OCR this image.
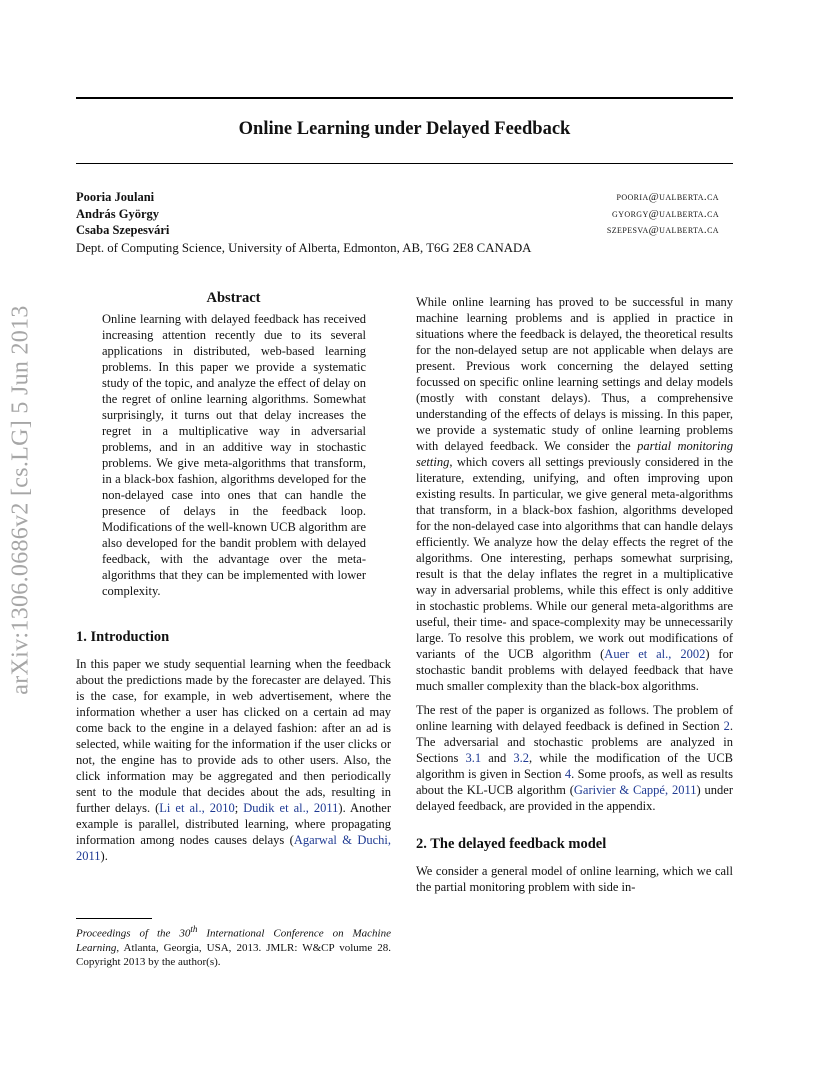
Online Learning under Delayed Feedback
Pooria Joulani	pooria@ualberta.ca
András György	gyorgy@ualberta.ca
Csaba Szepesvári	szepesva@ualberta.ca
Dept. of Computing Science, University of Alberta, Edmonton, AB, T6G 2E8 CANADA
arXiv:1306.0686v2 [cs.LG] 5 Jun 2013
Abstract

Online learning with delayed feedback has received increasing attention recently due to its several applications in distributed, web-based learning problems. In this paper we provide a systematic study of the topic, and analyze the effect of delay on the regret of online learning algorithms. Somewhat surprisingly, it turns out that delay increases the regret in a multiplicative way in adversarial problems, and in an additive way in stochastic problems. We give meta-algorithms that transform, in a black-box fashion, algorithms developed for the non-delayed case into ones that can handle the presence of delays in the feedback loop. Modifications of the well-known UCB algorithm are also developed for the bandit problem with delayed feedback, with the advantage over the meta-algorithms that they can be implemented with lower complexity.

1. Introduction

In this paper we study sequential learning when the feedback about the predictions made by the forecaster are delayed. This is the case, for example, in web advertisement, where the information whether a user has clicked on a certain ad may come back to the engine in a delayed fashion: after an ad is selected, while waiting for the information if the user clicks or not, the engine has to provide ads to other users. Also, the click information may be aggregated and then periodically sent to the module that decides about the ads, resulting in further delays. (Li et al., 2010; Dudik et al., 2011). Another example is parallel, distributed learning, where propagating information among nodes causes delays (Agarwal & Duchi, 2011).

Proceedings of the 30th International Conference on Machine Learning, Atlanta, Georgia, USA, 2013. JMLR: W&CP volume 28. Copyright 2013 by the author(s).

While online learning has proved to be successful in many machine learning problems and is applied in practice in situations where the feedback is delayed, the theoretical results for the non-delayed setup are not applicable when delays are present. Previous work concerning the delayed setting focussed on specific online learning settings and delay models (mostly with constant delays). Thus, a comprehensive understanding of the effects of delays is missing. In this paper, we provide a systematic study of online learning problems with delayed feedback. We consider the partial monitoring setting, which covers all settings previously considered in the literature, extending, unifying, and often improving upon existing results. In particular, we give general meta-algorithms that transform, in a black-box fashion, algorithms developed for the non-delayed case into algorithms that can handle delays efficiently. We analyze how the delay effects the regret of the algorithms. One interesting, perhaps somewhat surprising, result is that the delay inflates the regret in a multiplicative way in adversarial problems, while this effect is only additive in stochastic problems. While our general meta-algorithms are useful, their time- and space-complexity may be unnecessarily large. To resolve this problem, we work out modifications of variants of the UCB algorithm (Auer et al., 2002) for stochastic bandit problems with delayed feedback that have much smaller complexity than the black-box algorithms.

The rest of the paper is organized as follows. The problem of online learning with delayed feedback is defined in Section 2. The adversarial and stochastic problems are analyzed in Sections 3.1 and 3.2, while the modification of the UCB algorithm is given in Section 4. Some proofs, as well as results about the KL-UCB algorithm (Garivier & Cappé, 2011) under delayed feedback, are provided in the appendix.

2. The delayed feedback model

We consider a general model of online learning, which we call the partial monitoring problem with side in-
